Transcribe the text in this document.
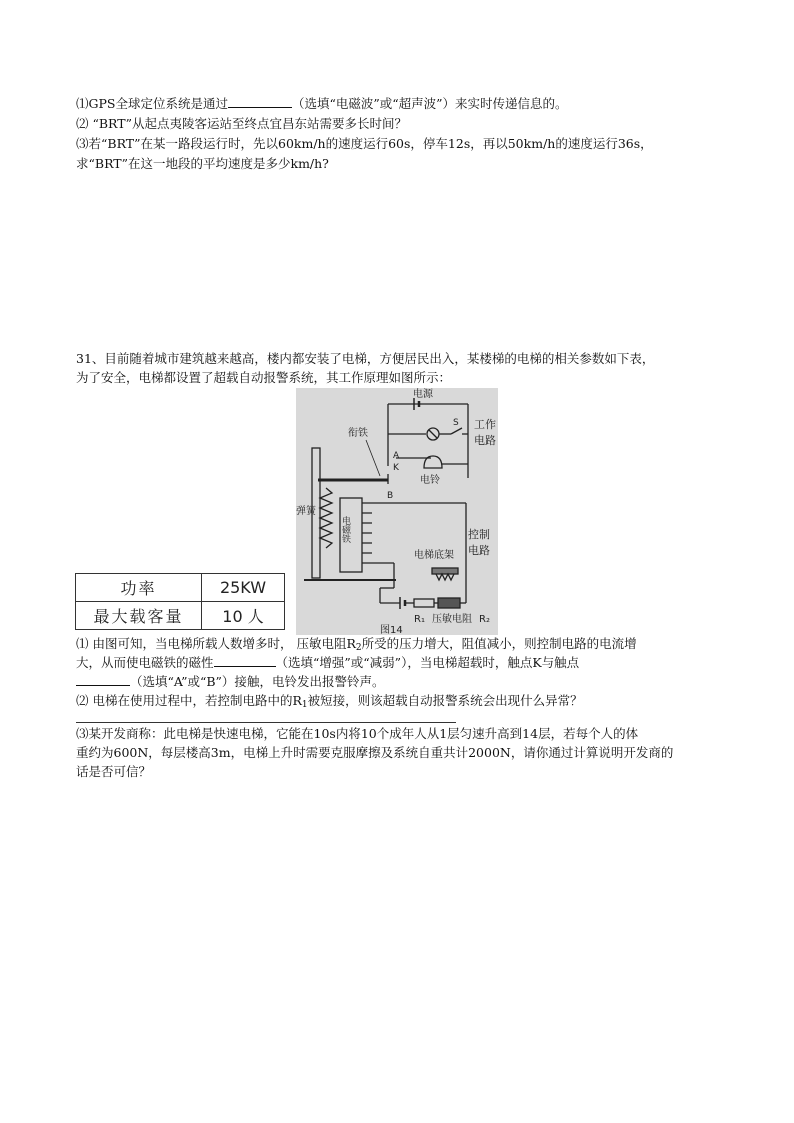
⑴GPS全球定位系统是通过	（选填“电磁波”或“超声波”）来实时传递信息的。
⑵ “BRT”从起点夷陵客运站至终点宜昌东站需要多长时间？
⑶若“BRT”在某一路段运行时，先以60km/h的速度运行60s，停车12s，再以50km/h的速度运行36s，
求“BRT”在这一地段的平均速度是多少km/h?
31、目前随着城市建筑越来越高，楼内都安装了电梯，方便居民出入，某楼梯的电梯的相关参数如下表，
为了安全，电梯都设置了超载自动报警系统，其工作原理如图所示：
电源
S 工作
电路
电铃
A
K
B
衔铁
弹簧
电磁铁	控制
电路
电梯底架
R₁ 压敏电阻 R₂
图14
功率	25KW
最大载客量	10 人
⑴ 由图可知，当电梯所载人数增多时， 压敏电阻$R_2$所受的压力增大，阻值减小，则控制电路的电流增
大，从而使电磁铁的磁性	（选填“增强”或“减弱”），当电梯超载时，触点K与触点
（选填“A”或“B”）接触，电铃发出报警铃声。
⑵ 电梯在使用过程中，若控制电路中的$R_1$被短接，则该超载自动报警系统会出现什么异常？
⑶某开发商称：此电梯是快速电梯，它能在10s内将10个成年人从1层匀速升高到14层，若每个人的体
重约为600N，每层楼高3m，电梯上升时需要克服摩擦及系统自重共计2000N，请你通过计算说明开发商的
话是否可信？
